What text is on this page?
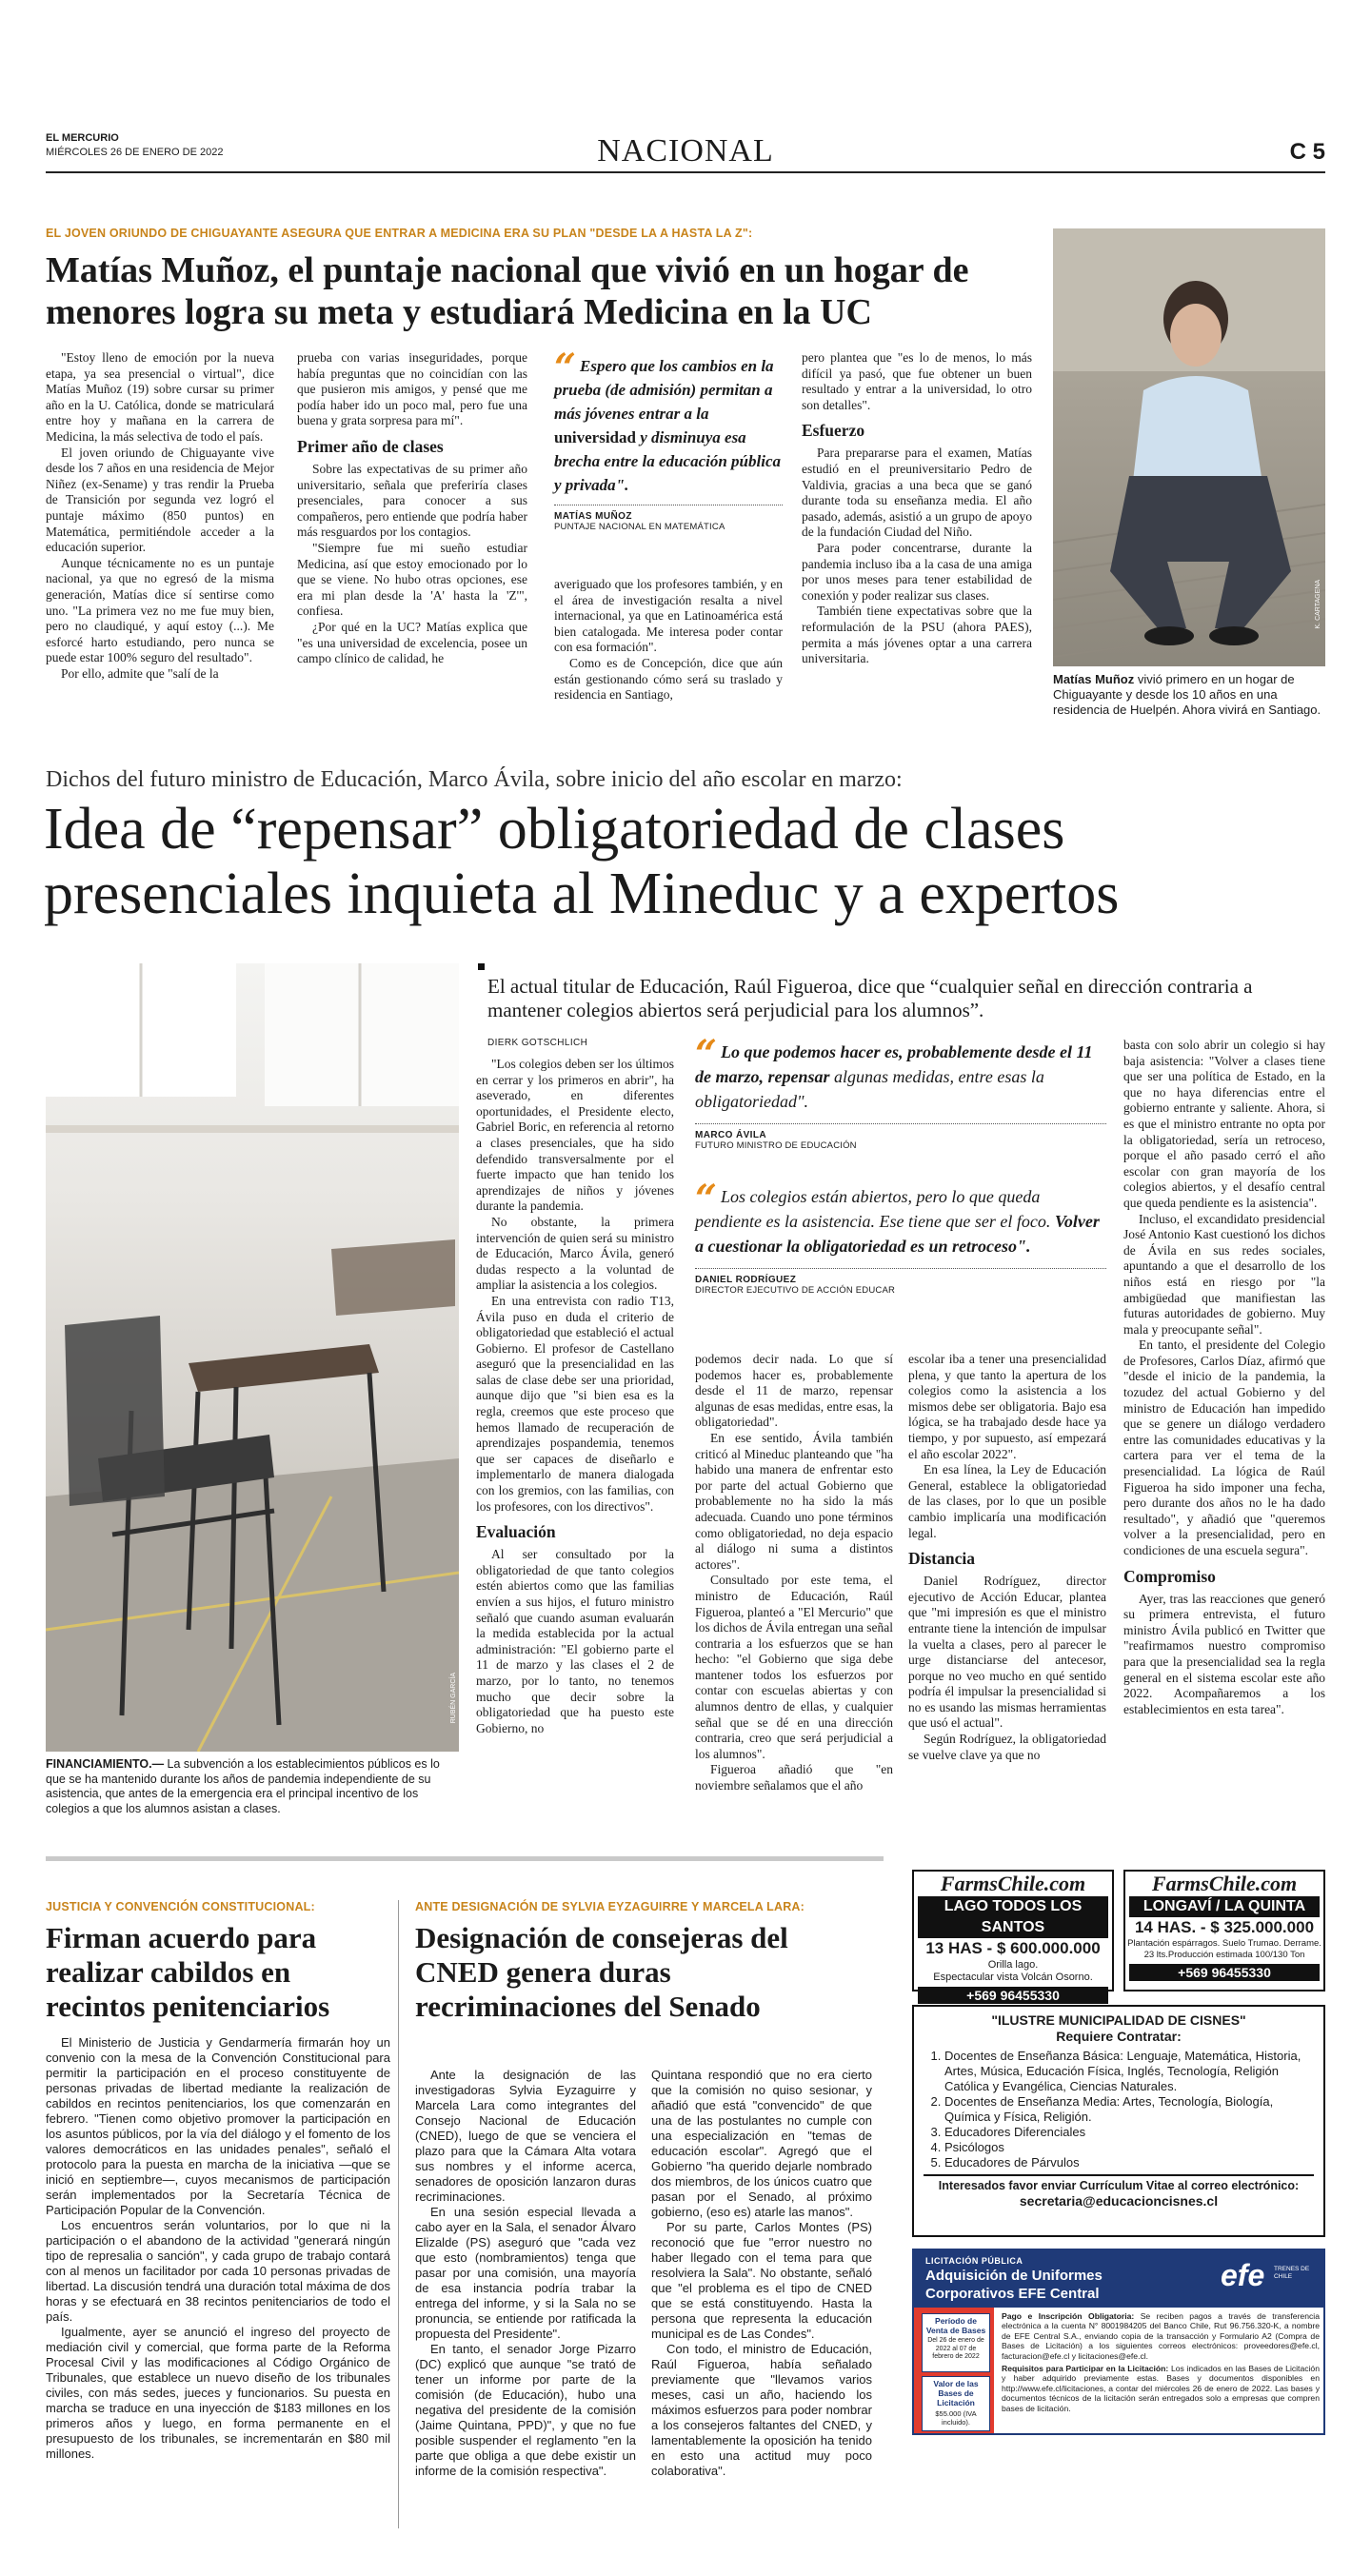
EL MERCURIO
MIÉRCOLES 26 DE ENERO DE 2022	NACIONAL	C 5
EL JOVEN ORIUNDO DE CHIGUAYANTE ASEGURA QUE ENTRAR A MEDICINA ERA SU PLAN "DESDE LA A HASTA LA Z":
Matías Muñoz, el puntaje nacional que vivió en un hogar de menores logra su meta y estudiará Medicina en la UC

"Estoy lleno de emoción por la nueva etapa, ya sea presencial o virtual", dice Matías Muñoz (19) sobre cursar su primer año en la U. Católica, donde se matriculará entre hoy y mañana en la carrera de Medicina, la más selectiva de todo el país.

El joven oriundo de Chiguayante vive desde los 7 años en una residencia de Mejor Niñez (ex-Sename) y tras rendir la Prueba de Transición por segunda vez logró el puntaje máximo (850 puntos) en Matemática, permitiéndole acceder a la educación superior.

Aunque técnicamente no es un puntaje nacional, ya que no egresó de la misma generación, Matías dice sí sentirse como uno. "La primera vez no me fue muy bien, pero no claudiqué, y aquí estoy (...). Me esforcé harto estudiando, pero nunca se puede estar 100% seguro del resultado".

Por ello, admite que "salí de la

prueba con varias inseguridades, porque había preguntas que no coincidían con las que pusieron mis amigos, y pensé que me podía haber ido un poco mal, pero fue una buena y grata sorpresa para mí".

Primer año de clases

Sobre las expectativas de su primer año universitario, señala que preferiría clases presenciales, para conocer a sus compañeros, pero entiende que podría haber más resguardos por los contagios.

"Siempre fue mi sueño estudiar Medicina, así que estoy emocionado por lo que se viene. No hubo otras opciones, ese era mi plan desde la 'A' hasta la 'Z'", confiesa.

¿Por qué en la UC? Matías explica que "es una universidad de excelencia, posee un campo clínico de calidad, he

“ Espero que los cambios en la prueba (de admisión) permitan a más jóvenes entrar a la universidad y disminuya esa brecha entre la educación pública y privada".
MATÍAS MUÑOZ
PUNTAJE NACIONAL EN MATEMÁTICA

averiguado que los profesores también, y en el área de investigación resalta a nivel internacional, ya que en Latinoamérica está bien catalogada. Me interesa poder contar con esa formación".

Como es de Concepción, dice que aún están gestionando cómo será su traslado y residencia en Santiago,

pero plantea que "es lo de menos, lo más difícil ya pasó, que fue obtener un buen resultado y entrar a la universidad, lo otro son detalles".

Esfuerzo

Para prepararse para el examen, Matías estudió en el preuniversitario Pedro de Valdivia, gracias a una beca que se ganó durante toda su enseñanza media. El año pasado, además, asistió a un grupo de apoyo de la fundación Ciudad del Niño.

Para poder concentrarse, durante la pandemia incluso iba a la casa de una amiga por unos meses para tener estabilidad de conexión y poder realizar sus clases.

También tiene expectativas sobre que la reformulación de la PSU (ahora PAES), permita a más jóvenes optar a una carrera universitaria.

K. CARTAGENA
Matías Muñoz vivió primero en un hogar de Chiguayante y desde los 10 años en una residencia de Huelpén. Ahora vivirá en Santiago.
Dichos del futuro ministro de Educación, Marco Ávila, sobre inicio del año escolar en marzo:
Idea de “repensar” obligatoriedad de clases
presenciales inquieta al Mineduc y a expertos
RUBÉN GARCÍA
FINANCIAMIENTO.— La subvención a los establecimientos públicos es lo que se ha mantenido durante los años de pandemia independiente de su asistencia, que antes de la emergencia era el principal incentivo de los colegios a que los alumnos asistan a clases.
El actual titular de Educación, Raúl Figueroa, dice que “cualquier señal en dirección contraria a mantener colegios abiertos será perjudicial para los alumnos”.
DIERK GOTSCHLICH

"Los colegios deben ser los últimos en cerrar y los primeros en abrir", ha aseverado, en diferentes oportunidades, el Presidente electo, Gabriel Boric, en referencia al retorno a clases presenciales, que ha sido defendido transversalmente por el fuerte impacto que han tenido los aprendizajes de niños y jóvenes durante la pandemia.

No obstante, la primera intervención de quien será su ministro de Educación, Marco Ávila, generó dudas respecto a la voluntad de ampliar la asistencia a los colegios.

En una entrevista con radio T13, Ávila puso en duda el criterio de obligatoriedad que estableció el actual Gobierno. El profesor de Castellano aseguró que la presencialidad en las salas de clase debe ser una prioridad, aunque dijo que "si bien esa es la regla, creemos que este proceso que hemos llamado de recuperación de aprendizajes pospandemia, tenemos que ser capaces de diseñarlo e implementarlo de manera dialogada con los gremios, con las familias, con los profesores, con los directivos".

Evaluación

Al ser consultado por la obligatoriedad de que tanto colegios estén abiertos como que las familias envíen a sus hijos, el futuro ministro señaló que cuando asuman evaluarán la medida establecida por la actual administración: "El gobierno parte el 11 de marzo y las clases el 2 de marzo, por lo tanto, no tenemos mucho que decir sobre la obligatoriedad que ha puesto este Gobierno, no

“ Lo que podemos hacer es, probablemente desde el 11 de marzo, repensar algunas medidas, entre esas la obligatoriedad".
MARCO ÁVILA
FUTURO MINISTRO DE EDUCACIÓN
“ Los colegios están abiertos, pero lo que queda pendiente es la asistencia. Ese tiene que ser el foco. Volver a cuestionar la obligatoriedad es un retroceso".
DANIEL RODRÍGUEZ
DIRECTOR EJECUTIVO DE ACCIÓN EDUCAR

podemos decir nada. Lo que sí podemos hacer es, probablemente desde el 11 de marzo, repensar algunas de esas medidas, entre esas, la obligatoriedad".

En ese sentido, Ávila también criticó al Mineduc planteando que "ha habido una manera de enfrentar esto por parte del actual Gobierno que probablemente no ha sido la más adecuada. Cuando uno pone términos como obligatoriedad, no deja espacio al diálogo ni suma a distintos actores".

Consultado por este tema, el ministro de Educación, Raúl Figueroa, planteó a "El Mercurio" que los dichos de Ávila entregan una señal contraria a los esfuerzos que se han hecho: "el Gobierno que siga debe mantener todos los esfuerzos por contar con escuelas abiertas y con alumnos dentro de ellas, y cualquier señal que se dé en una dirección contraria, creo que será perjudicial a los alumnos".

Figueroa añadió que "en noviembre señalamos que el año

escolar iba a tener una presencialidad plena, y que tanto la apertura de los colegios como la asistencia a los mismos debe ser obligatoria. Bajo esa lógica, se ha trabajado desde hace ya tiempo, y por supuesto, así empezará el año escolar 2022".

En esa línea, la Ley de Educación General, establece la obligatoriedad de las clases, por lo que un posible cambio implicaría una modificación legal.

Distancia

Daniel Rodríguez, director ejecutivo de Acción Educar, plantea que "mi impresión es que el ministro entrante tiene la intención de impulsar la vuelta a clases, pero al parecer le urge distanciarse del antecesor, porque no veo mucho en qué sentido podría él impulsar la presencialidad si no es usando las mismas herramientas que usó el actual".

Según Rodríguez, la obligatoriedad se vuelve clave ya que no

basta con solo abrir un colegio si hay baja asistencia: "Volver a clases tiene que ser una política de Estado, en la que no haya diferencias entre el gobierno entrante y saliente. Ahora, si es que el ministro entrante no opta por la obligatoriedad, sería un retroceso, porque el año pasado cerró el año escolar con gran mayoría de los colegios abiertos, y el desafío central que queda pendiente es la asistencia".

Incluso, el excandidato presidencial José Antonio Kast cuestionó los dichos de Ávila en sus redes sociales, apuntando a que el desarrollo de los niños está en riesgo por "la ambigüedad que manifiestan las futuras autoridades de gobierno. Muy mala y preocupante señal".

En tanto, el presidente del Colegio de Profesores, Carlos Díaz, afirmó que "desde el inicio de la pandemia, la tozudez del actual Gobierno y del ministro de Educación han impedido que se genere un diálogo verdadero entre las comunidades educativas y la cartera para ver el tema de la presencialidad. La lógica de Raúl Figueroa ha sido imponer una fecha, pero durante dos años no le ha dado resultado", y añadió que "queremos volver a la presencialidad, pero en condiciones de una escuela segura".

Compromiso

Ayer, tras las reacciones que generó su primera entrevista, el futuro ministro Ávila publicó en Twitter que "reafirmamos nuestro compromiso para que la presencialidad sea la regla general en el sistema escolar este año 2022. Acompañaremos a los establecimientos en esta tarea".

JUSTICIA Y CONVENCIÓN CONSTITUCIONAL:
Firman acuerdo para realizar cabildos en recintos penitenciarios

El Ministerio de Justicia y Gendarmería firmarán hoy un convenio con la mesa de la Convención Constitucional para permitir la participación en el proceso constituyente de personas privadas de libertad mediante la realización de cabildos en recintos penitenciarios, los que comenzarán en febrero. "Tienen como objetivo promover la participación en los asuntos públicos, por la vía del diálogo y el fomento de los valores democráticos en las unidades penales", señaló el protocolo para la puesta en marcha de la iniciativa —que se inició en septiembre—, cuyos mecanismos de participación serán implementados por la Secretaría Técnica de Participación Popular de la Convención.

Los encuentros serán voluntarios, por lo que ni la participación o el abandono de la actividad "generará ningún tipo de represalia o sanción", y cada grupo de trabajo contará con al menos un facilitador por cada 10 personas privadas de libertad. La discusión tendrá una duración total máxima de dos horas y se efectuará en 38 recintos penitenciarios de todo el país.

Igualmente, ayer se anunció el ingreso del proyecto de mediación civil y comercial, que forma parte de la Reforma Procesal Civil y las modificaciones al Código Orgánico de Tribunales, que establece un nuevo diseño de los tribunales civiles, con más sedes, jueces y funcionarios. Su puesta en marcha se traduce en una inyección de $183 millones en los primeros años y luego, en forma permanente en el presupuesto de los tribunales, se incrementarán en $80 mil millones.

ANTE DESIGNACIÓN DE SYLVIA EYZAGUIRRE Y MARCELA LARA:
Designación de consejeras del CNED genera duras recriminaciones del Senado

Ante la designación de las investigadoras Sylvia Eyzaguirre y Marcela Lara como integrantes del Consejo Nacional de Educación (CNED), luego de que se venciera el plazo para que la Cámara Alta votara sus nombres y el informe acerca, senadores de oposición lanzaron duras recriminaciones.

En una sesión especial llevada a cabo ayer en la Sala, el senador Álvaro Elizalde (PS) aseguró que "cada vez que esto (nombramientos) tenga que pasar por una comisión, una mayoría de esa instancia podría trabar la entrega del informe, y si la Sala no se pronuncia, se entiende por ratificada la propuesta del Presidente".

En tanto, el senador Jorge Pizarro (DC) explicó que aunque "se trató de tener un informe por parte de la comisión (de Educación), hubo una negativa del presidente de la comisión (Jaime Quintana, PPD)", y que no fue posible suspender el reglamento "en la parte que obliga a que debe existir un informe de la comisión respectiva".

Quintana respondió que no era cierto que la comisión no quiso sesionar, y añadió que está "convencido" de que una de las postulantes no cumple con una especialización en "temas de educación escolar". Agregó que el Gobierno "ha querido dejarle nombrado dos miembros, de los únicos cuatro que pasan por el Senado, al próximo gobierno, (eso es) atarle las manos".

Por su parte, Carlos Montes (PS) reconoció que fue "error nuestro no haber llegado con el tema para que resolviera la Sala". No obstante, señaló que "el problema es el tipo de CNED que se está constituyendo. Hasta la persona que representa la educación municipal es de Las Condes".

Con todo, el ministro de Educación, Raúl Figueroa, había señalado previamente que "llevamos varios meses, casi un año, haciendo los máximos esfuerzos para poder nombrar a los consejeros faltantes del CNED, y lamentablemente la oposición ha tenido en esto una actitud muy poco colaborativa".

FarmsChile.com
LAGO TODOS LOS SANTOS
13 HAS - $ 600.000.000
Orilla lago.
Espectacular vista Volcán Osorno.
+569 96455330
FarmsChile.com
LONGAVÍ / LA QUINTA
14 HAS. - $ 325.000.000
Plantación espárragos. Suelo Trumao. Derrame.
23 lts.Producción estimada 100/130 Ton
+569 96455330
"ILUSTRE MUNICIPALIDAD DE CISNES"
Requiere Contratar:
1. Docentes de Enseñanza Básica: Lenguaje, Matemática, Historia, Artes, Música, Educación Física, Inglés, Tecnología, Religión Católica y Evangélica, Ciencias Naturales.
2. Docentes de Enseñanza Media: Artes, Tecnología, Biología, Química y Física, Religión.
3. Educadores Diferenciales
4. Psicólogos
5. Educadores de Párvulos
Interesados favor enviar Currículum Vitae al correo electrónico:
secretaria@educacioncisnes.cl
LICITACIÓN PÚBLICA
Adquisición de Uniformes
Corporativos EFE Central
efe TRENES DE CHILE
Período de Venta de Bases
Del 26 de enero de 2022 al 07 de febrero de 2022
Valor de las Bases de Licitación
$55.000 (IVA incluido).

Pago e Inscripción Obligatoria: Se reciben pagos a través de transferencia electrónica a la cuenta N° 8001984205 del Banco Chile, Rut 96.756.320-K, a nombre de EFE Central S.A., enviando copia de la transacción y Formulario A2 (Compra de Bases de Licitación) a los siguientes correos electrónicos: proveedores@efe.cl, facturacion@efe.cl y licitaciones@efe.cl.

Requisitos para Participar en la Licitación: Los indicados en las Bases de Licitación y haber adquirido previamente estas. Bases y documentos disponibles en http://www.efe.cl/licitaciones, a contar del miércoles 26 de enero de 2022. Las bases y documentos técnicos de la licitación serán entregados solo a empresas que compren bases de licitación.
